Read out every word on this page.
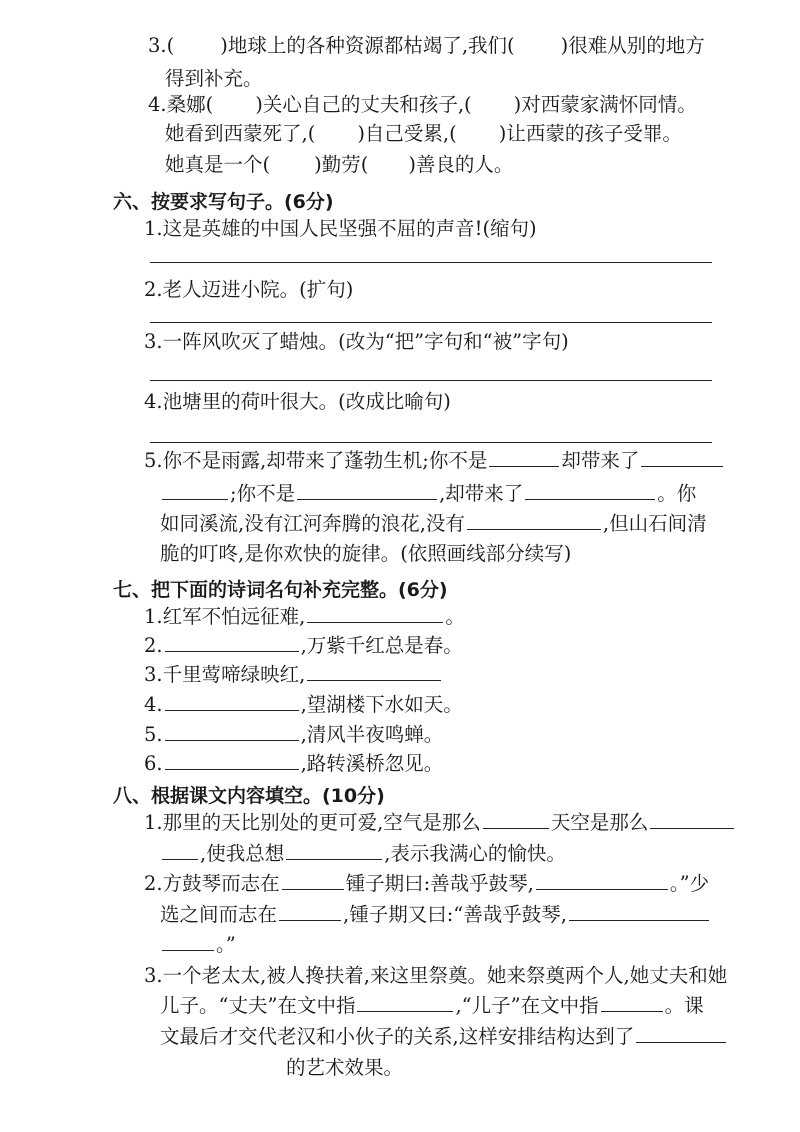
3.( )地球上的各种资源都枯竭了,我们( )很难从别的地方
得到补充。
4.桑娜( )关心自己的丈夫和孩子,( )对西蒙家满怀同情。
她看到西蒙死了,( )自己受累,( )让西蒙的孩子受罪。
她真是一个( )勤劳( )善良的人。
六、按要求写句子。(6分)
1.这是英雄的中国人民坚强不屈的声音!(缩句)
2.老人迈进小院。(扩句)
3.一阵风吹灭了蜡烛。(改为“把”字句和“被”字句)
4.池塘里的荷叶很大。(改成比喻句)
5.你不是雨露,却带来了蓬勃生机;你不是	却带来了
;你不是	,却带来了	。你
如同溪流,没有江河奔腾的浪花,没有	,但山石间清
脆的叮咚,是你欢快的旋律。(依照画线部分续写)
七、把下面的诗词名句补充完整。(6分)
1.红军不怕远征难,	。
2.	,万紫千红总是春。
3.千里莺啼绿映红,
4.	,望湖楼下水如天。
5.	,清风半夜鸣蝉。
6.	,路转溪桥忽见。
八、根据课文内容填空。(10分)
1.那里的天比别处的更可爱,空气是那么	天空是那么
,使我总想	,表示我满心的愉快。
2.方鼓琴而志在	锺子期曰:善哉乎鼓琴,	。”少
选之间而志在	,锺子期又曰:“善哉乎鼓琴,
。”
3.一个老太太,被人搀扶着,来这里祭奠。她来祭奠两个人,她丈夫和她
儿子。“丈夫”在文中指	,“儿子”在文中指	。课
文最后才交代老汉和小伙子的关系,这样安排结构达到了
的艺术效果。
